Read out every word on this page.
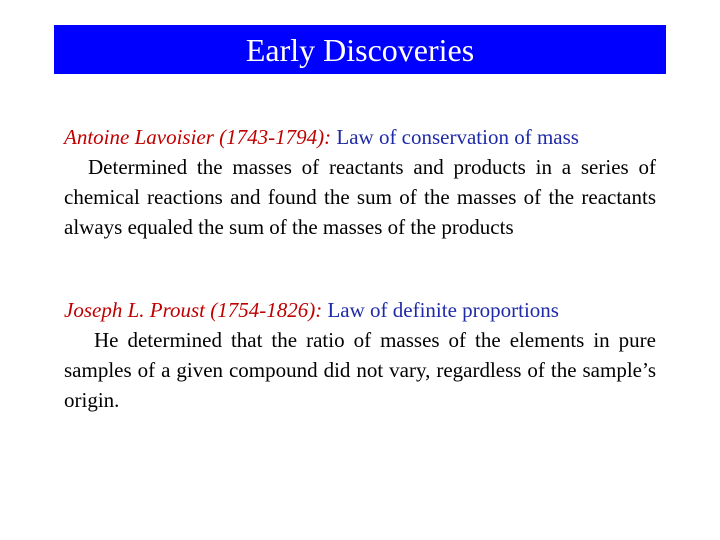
Early Discoveries
Antoine Lavoisier (1743-1794): Law of conservation of mass
Determined the masses of reactants and products in a series of chemical reactions and found the sum of the masses of the reactants always equaled the sum of the masses of the products
Joseph L. Proust (1754-1826): Law of definite proportions
He determined that the ratio of masses of the elements in pure samples of a given compound did not vary, regardless of the sample’s origin.
